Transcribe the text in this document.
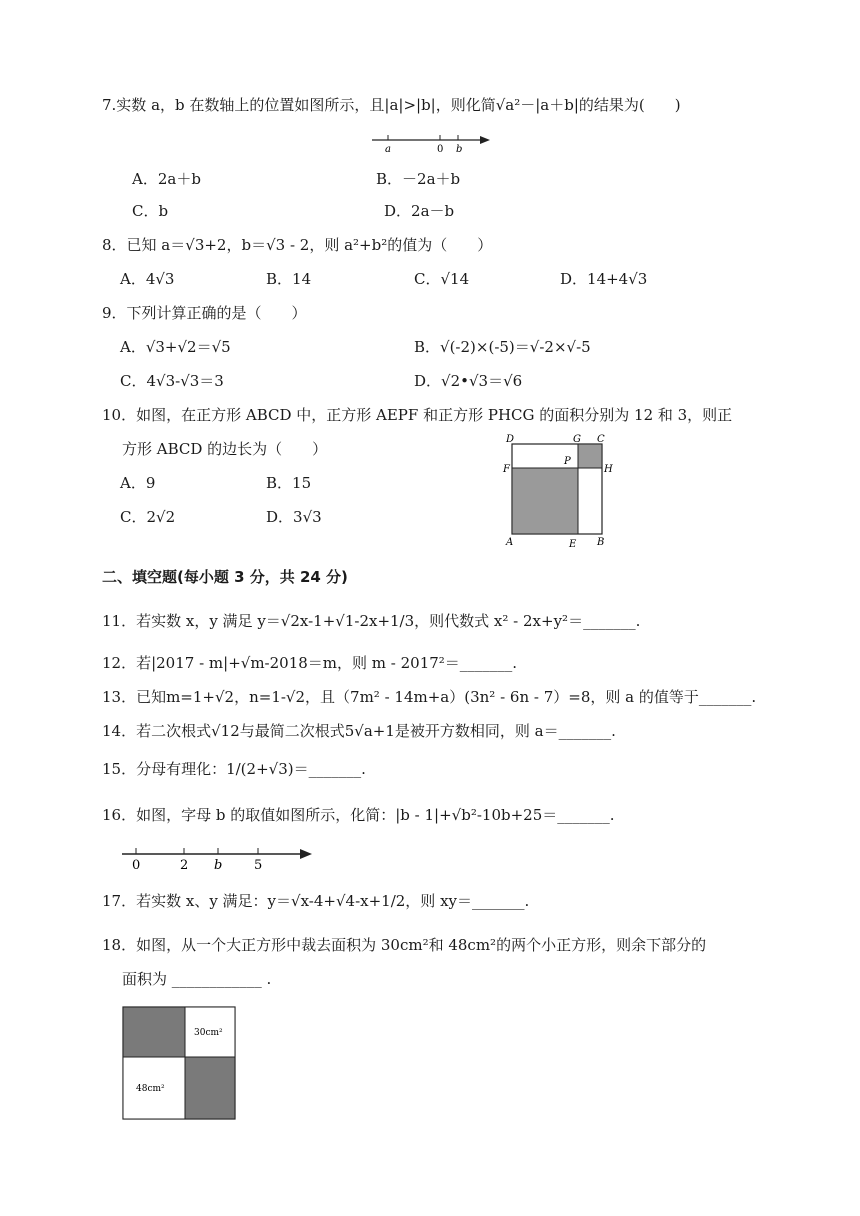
7.实数 a，b 在数轴上的位置如图所示，且|a|>|b|，则化简√a²－|a＋b|的结果为(　　)
a	0 b
A．2a＋b	B．－2a＋b
C．b	D．2a－b
8．已知 a＝√3+2，b＝√3 - 2，则 a²+b²的值为（　　）
A．4√3	B．14	C．√14	D．14+4√3
9．下列计算正确的是（　　）
A．√3+√2＝√5	B．√(-2)×(-5)＝√-2×√-5
C．4√3-√3＝3	D．√2•√3＝√6
10．如图，在正方形 ABCD 中，正方形 AEPF 和正方形 PHCG 的面积分别为 12 和 3，则正
方形 ABCD 的边长为（　　）
A．9	B．15
C．2√2	D．3√3
D	G C
P
F	H
A	E B
二、填空题(每小题 3 分，共 24 分)
11．若实数 x，y 满足 y＝√2x-1+√1-2x+1/3，则代数式 x² - 2x+y²＝_______.
12．若|2017 - m|+√m-2018＝m，则 m - 2017²＝_______.
13．已知m=1+√2，n=1-√2，且（7m² - 14m+a）(3n² - 6n - 7）=8，则 a 的值等于_______.
14．若二次根式√12与最简二次根式5√a+1是被开方数相同，则 a＝_______.
15．分母有理化：1/(2+√3)＝_______.
16．如图，字母 b 的取值如图所示，化简：|b - 1|+√b²-10b+25＝_______.
0	2 b 5
17．若实数 x、y 满足：y＝√x-4+√4-x+1/2，则 xy＝_______.
18．如图，从一个大正方形中裁去面积为 30cm²和 48cm²的两个小正方形，则余下部分的
面积为 ____________ .
30cm²
48cm²
